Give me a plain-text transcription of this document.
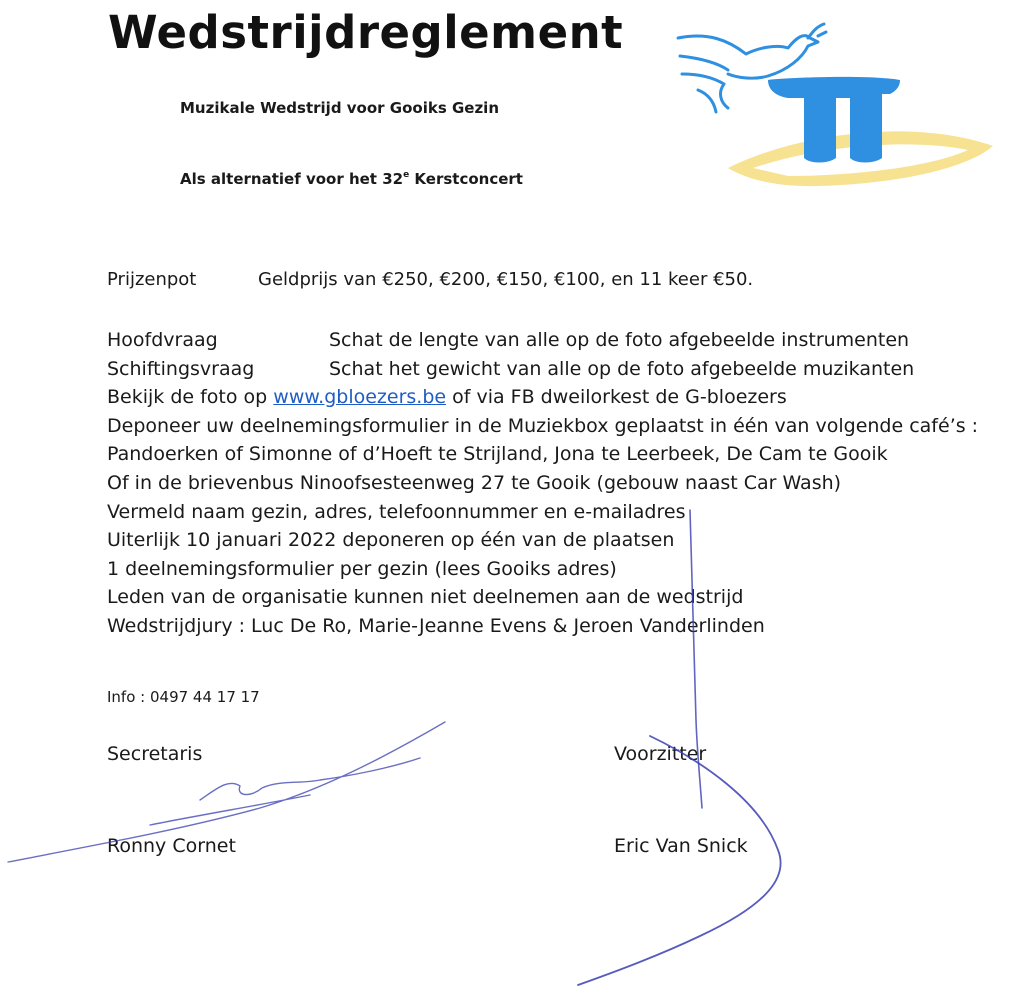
Wedstrijdreglement
Muzikale Wedstrijd voor Gooiks Gezin
Als alternatief voor het 32e Kerstconcert
Prijzenpot	Geldprijs van €250, €200, €150, €100, en 11 keer €50.
Hoofdvraag	Schat de lengte van alle op de foto afgebeelde instrumenten
Schiftingsvraag	Schat het gewicht van alle op de foto afgebeelde muzikanten
Bekijk de foto op www.gbloezers.be of via FB dweilorkest de G-bloezers
Deponeer uw deelnemingsformulier in de Muziekbox geplaatst in één van volgende café’s :
Pandoerken of Simonne of d’Hoeft te Strijland, Jona te Leerbeek, De Cam te Gooik
Of in de brievenbus Ninoofsesteenweg 27 te Gooik (gebouw naast Car Wash)
Vermeld naam gezin, adres, telefoonnummer en e-mailadres
Uiterlijk 10 januari 2022 deponeren op één van de plaatsen
1 deelnemingsformulier per gezin (lees Gooiks adres)
Leden van de organisatie kunnen niet deelnemen aan de wedstrijd
Wedstrijdjury : Luc De Ro, Marie-Jeanne Evens & Jeroen Vanderlinden
Info : 0497 44 17 17
Secretaris	Voorzitter
Ronny Cornet	Eric Van Snick
